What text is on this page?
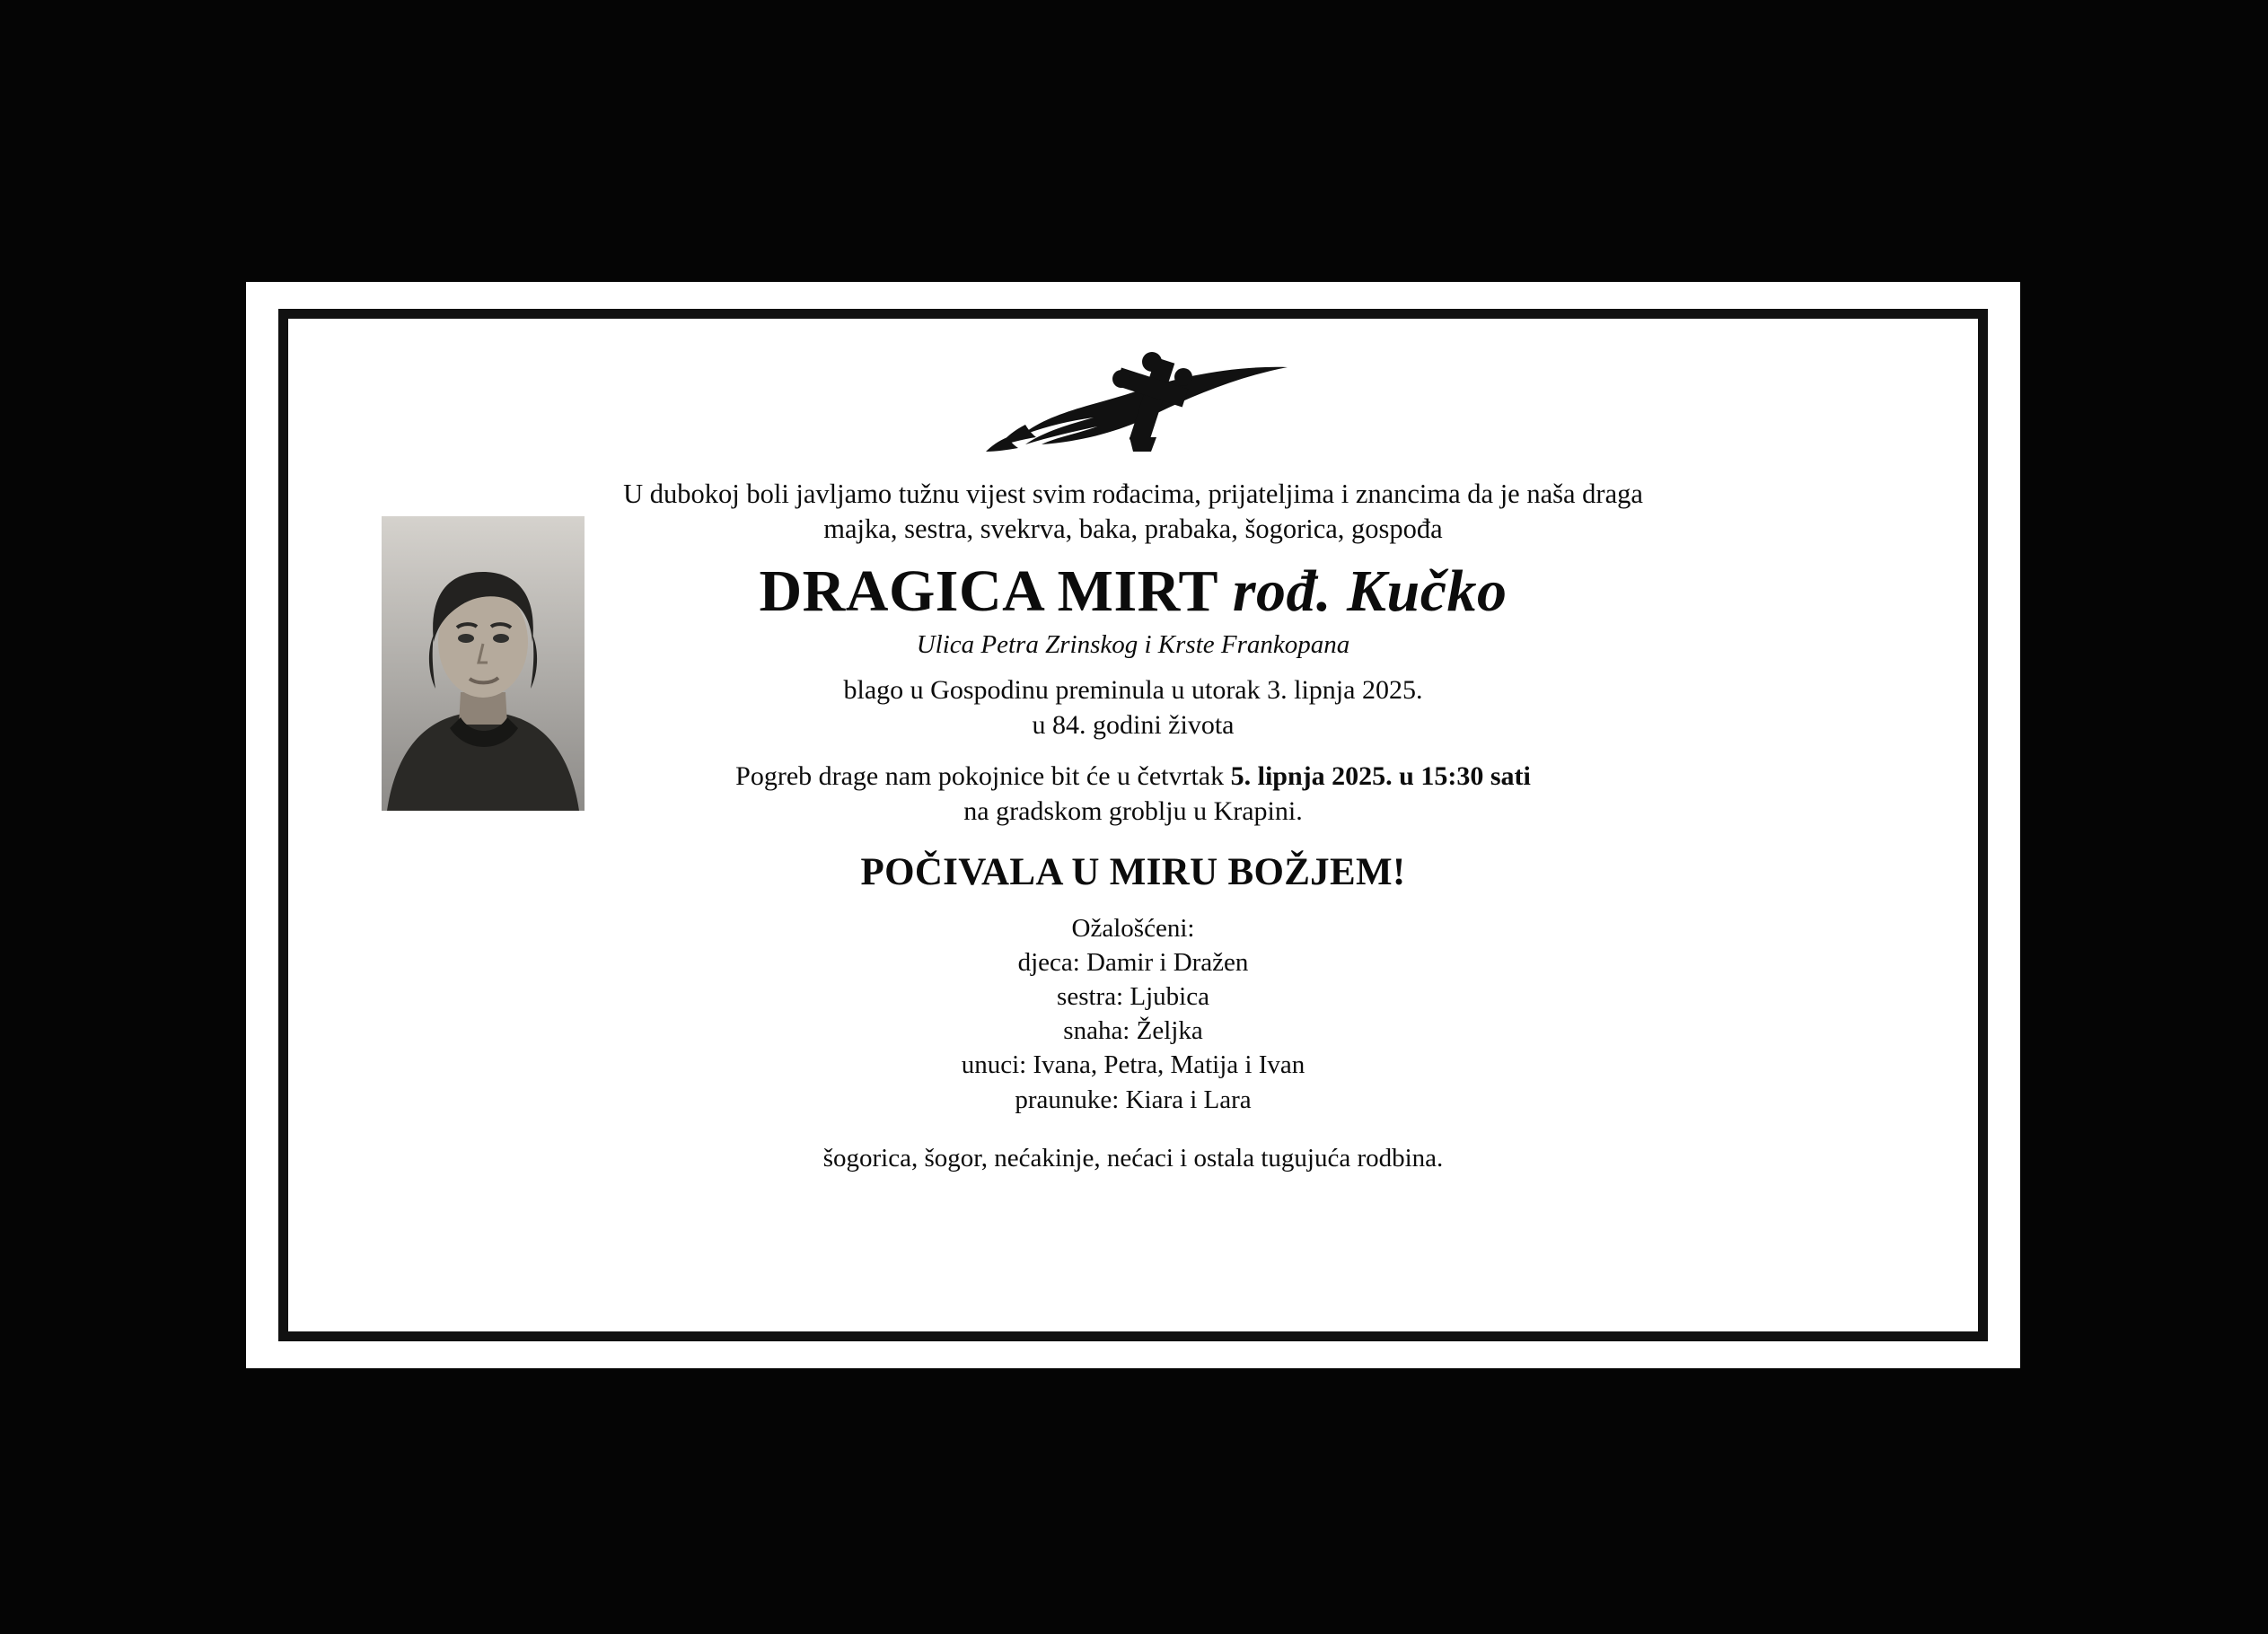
U dubokoj boli javljamo tužnu vijest svim rođacima, prijateljima i znancima da je naša draga
majka, sestra, svekrva, baka, prabaka, šogorica, gospođa
DRAGICA MIRT rođ. Kučko
Ulica Petra Zrinskog i Krste Frankopana
blago u Gospodinu preminula u utorak 3. lipnja 2025.
u 84. godini života
Pogreb drage nam pokojnice bit će u četvrtak 5. lipnja 2025. u 15:30 sati
na gradskom groblju u Krapini.
POČIVALA U MIRU BOŽJEM!
Ožalošćeni:
djeca: Damir i Dražen
sestra: Ljubica
snaha: Željka
unuci: Ivana, Petra, Matija i Ivan
praunuke: Kiara i Lara
šogorica, šogor, nećakinje, nećaci i ostala tugujuća rodbina.
